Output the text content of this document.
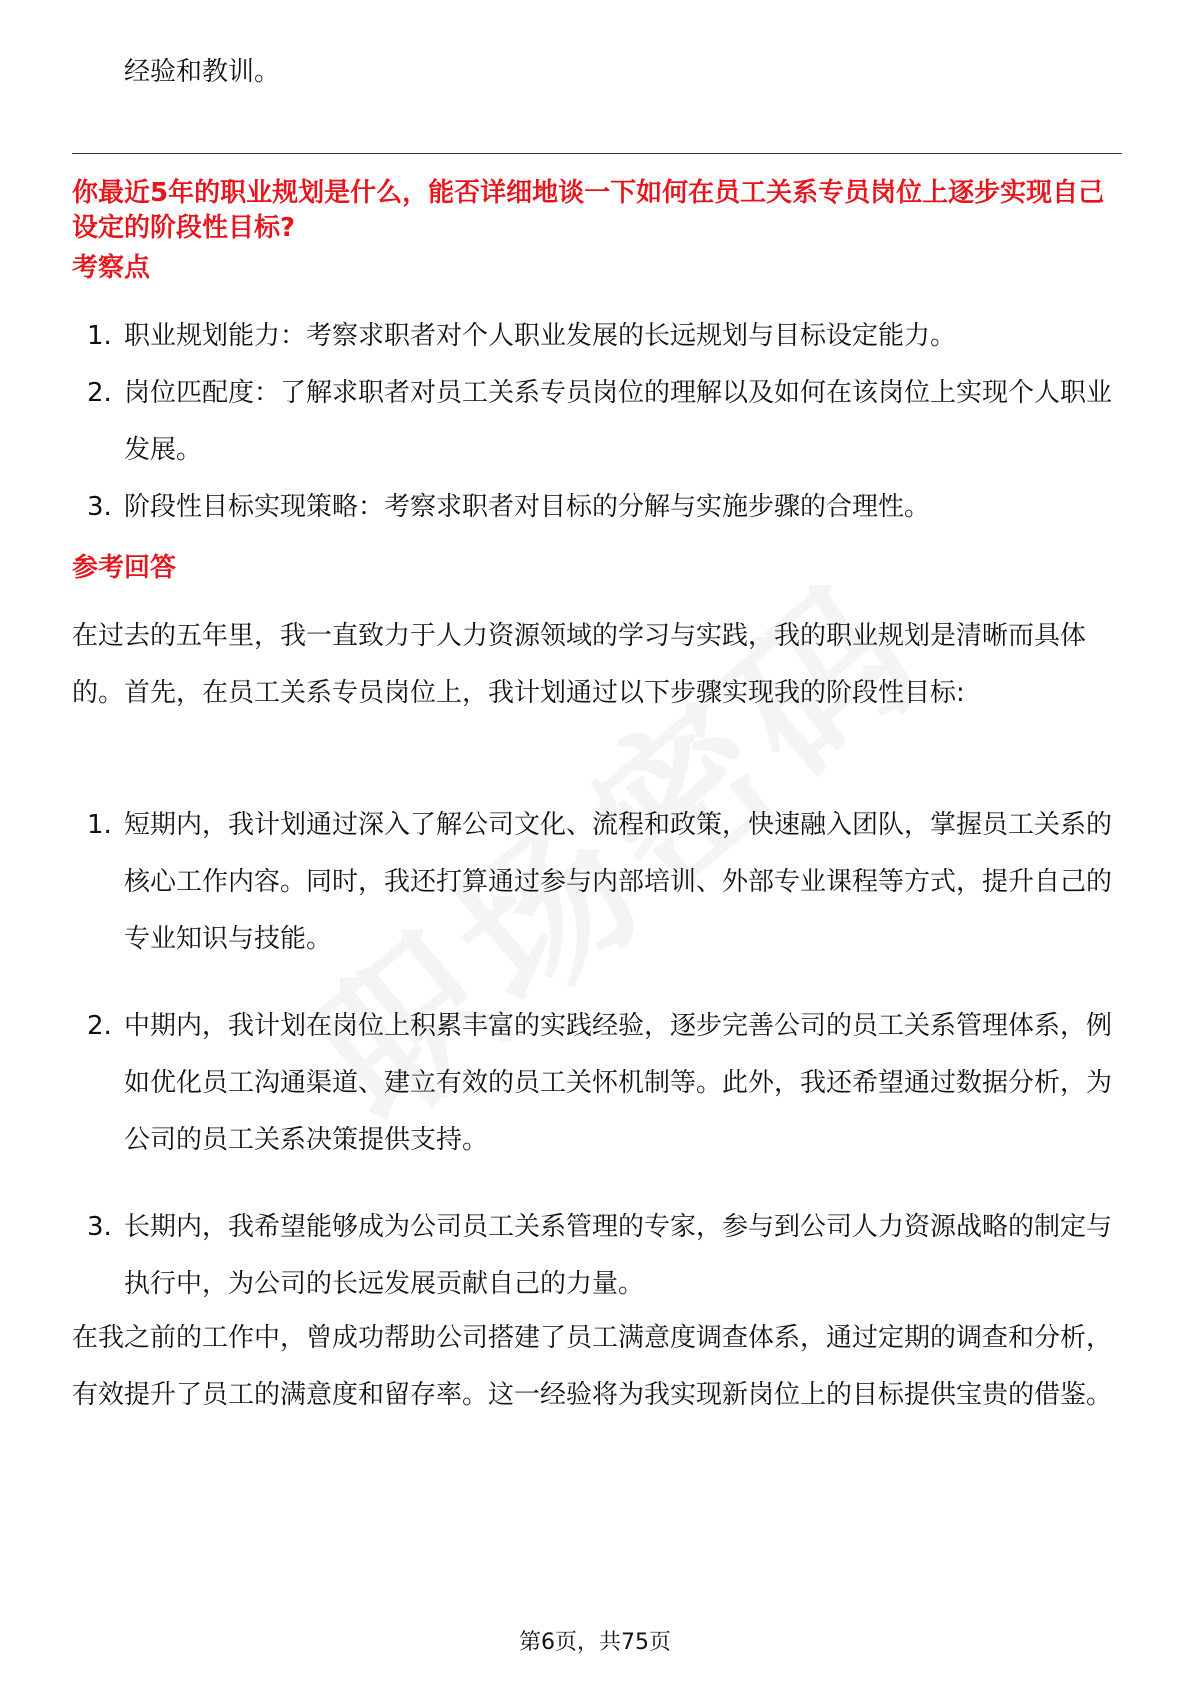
经验和教训。

你最近5年的职业规划是什么，能否详细地谈一下如何在员工关系专员岗位上逐步实现自己设定的阶段性目标?
考察点
1. 职业规划能力：考察求职者对个人职业发展的长远规划与目标设定能力。
2. 岗位匹配度：了解求职者对员工关系专员岗位的理解以及如何在该岗位上实现个人职业发展。
3. 阶段性目标实现策略：考察求职者对目标的分解与实施步骤的合理性。
参考回答

在过去的五年里，我一直致力于人力资源领域的学习与实践，我的职业规划是清晰而具体的。首先，在员工关系专员岗位上，我计划通过以下步骤实现我的阶段性目标:

1. 短期内，我计划通过深入了解公司文化、流程和政策，快速融入团队，掌握员工关系的核心工作内容。同时，我还打算通过参与内部培训、外部专业课程等方式，提升自己的专业知识与技能。
2. 中期内，我计划在岗位上积累丰富的实践经验，逐步完善公司的员工关系管理体系，例如优化员工沟通渠道、建立有效的员工关怀机制等。此外，我还希望通过数据分析，为公司的员工关系决策提供支持。
3. 长期内，我希望能够成为公司员工关系管理的专家，参与到公司人力资源战略的制定与执行中，为公司的长远发展贡献自己的力量。

在我之前的工作中，曾成功帮助公司搭建了员工满意度调查体系，通过定期的调查和分析，有效提升了员工的满意度和留存率。这一经验将为我实现新岗位上的目标提供宝贵的借鉴。

第6页，共75页
